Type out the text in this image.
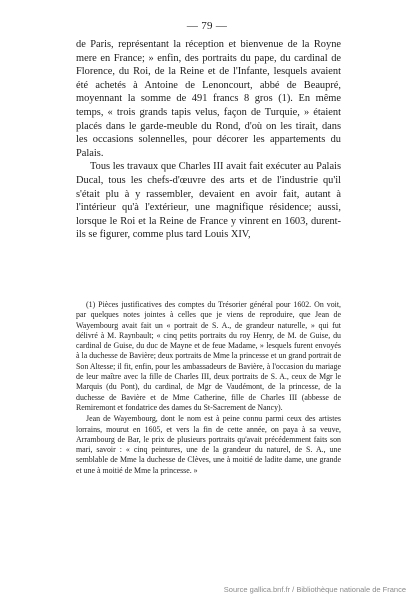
— 79 —

de Paris, représentant la réception et bienvenue de la Royne mere en France; » enfin, des portraits du pape, du cardinal de Florence, du Roi, de la Reine et de l'Infante, lesquels avaient été achetés à Antoine de Lenoncourt, abbé de Beaupré, moyennant la somme de 491 francs 8 gros (1). En même temps, « trois grands tapis velus, façon de Turquie, » étaient placés dans le garde-meuble du Rond, d'où on les tirait, dans les occasions solennelles, pour décorer les appartements du Palais.

Tous les travaux que Charles III avait fait exécuter au Palais Ducal, tous les chefs-d'œuvre des arts et de l'industrie qu'il s'était plu à y rassembler, devaient en avoir fait, autant à l'intérieur qu'à l'extérieur, une magnifique résidence; aussi, lorsque le Roi et la Reine de France y vinrent en 1603, durent-ils se figurer, comme plus tard Louis XIV,

(1) Pièces justificatives des comptes du Trésorier général pour 1602. On voit, par quelques notes jointes à celles que je viens de reproduire, que Jean de Wayembourg avait fait un « portrait de S. A., de grandeur naturelle, » qui fut délivré à M. Raynbault; « cinq petits portraits du roy Henry, de M. de Guise, du cardinal de Guise, du duc de Mayne et de feue Madame, » lesquels furent envoyés à la duchesse de Bavière; deux portraits de Mme la princesse et un grand portrait de Son Altesse; il fit, enfin, pour les ambassadeurs de Bavière, à l'occasion du mariage de leur maître avec la fille de Charles III, deux portraits de S. A., ceux de Mgr le Marquis (du Pont), du cardinal, de Mgr de Vaudémont, de la princesse, de la duchesse de Bavière et de Mme Catherine, fille de Charles III (abbesse de Remiremont et fondatrice des dames du St-Sacrement de Nancy).

Jean de Wayembourg, dont le nom est à peine connu parmi ceux des artistes lorrains, mourut en 1605, et vers la fin de cette année, on paya à sa veuve, Arrambourg de Bar, le prix de plusieurs portraits qu'avait précédemment faits son mari, savoir : « cinq peintures, une de la grandeur du naturel, de S. A., une semblable de Mme la duchesse de Clèves, une à moitié de ladite dame, une grande et une à moitié de Mme la princesse. »

Source gallica.bnf.fr / Bibliothèque nationale de France
